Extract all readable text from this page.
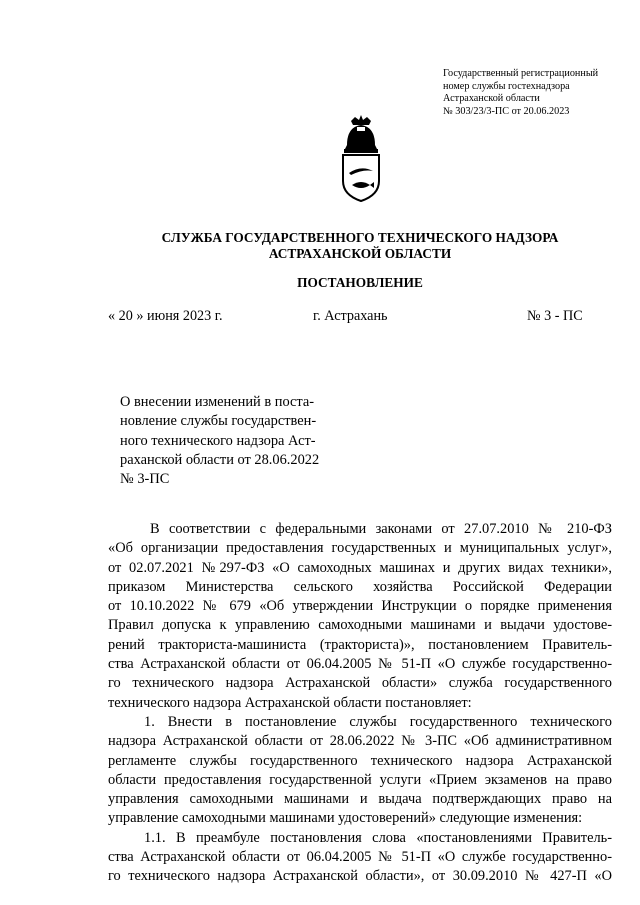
Государственный регистрационный
номер службы гостехнадзора
Астраханской области
№ 303/23/3-ПС от 20.06.2023
СЛУЖБА ГОСУДАРСТВЕННОГО ТЕХНИЧЕСКОГО НАДЗОРА
АСТРАХАНСКОЙ ОБЛАСТИ
ПОСТАНОВЛЕНИЕ
« 20 » июня 2023 г.	г. Астрахань	№ 3 - ПС
О внесении изменений в поста-
новление службы государствен-
ного технического надзора Аст-
раханской области от 28.06.2022
№ 3-ПС
В соответствии с федеральными законами от 27.07.2010 № 210-ФЗ
«Об организации предоставления государственных и муниципальных услуг»,
от 02.07.2021 №297-ФЗ «О самоходных машинах и других видах техники»,
приказом Министерства сельского хозяйства Российской Федерации
от 10.10.2022 № 679 «Об утверждении Инструкции о порядке применения
Правил допуска к управлению самоходными машинами и выдачи удостове-
рений тракториста-машиниста (тракториста)», постановлением Правитель-
ства Астраханской области от 06.04.2005 № 51-П «О службе государственно-
го технического надзора Астраханской области» служба государственного
технического надзора Астраханской области постановляет:
1. Внести в постановление службы государственного технического
надзора Астраханской области от 28.06.2022 № 3-ПС «Об административном
регламенте службы государственного технического надзора Астраханской
области предоставления государственной услуги «Прием экзаменов на право
управления самоходными машинами и выдача подтверждающих право на
управление самоходными машинами удостоверений» следующие изменения:
1.1. В преамбуле постановления слова «постановлениями Правитель-
ства Астраханской области от 06.04.2005 № 51-П «О службе государственно-
го технического надзора Астраханской области», от 30.09.2010 № 427-П «О
